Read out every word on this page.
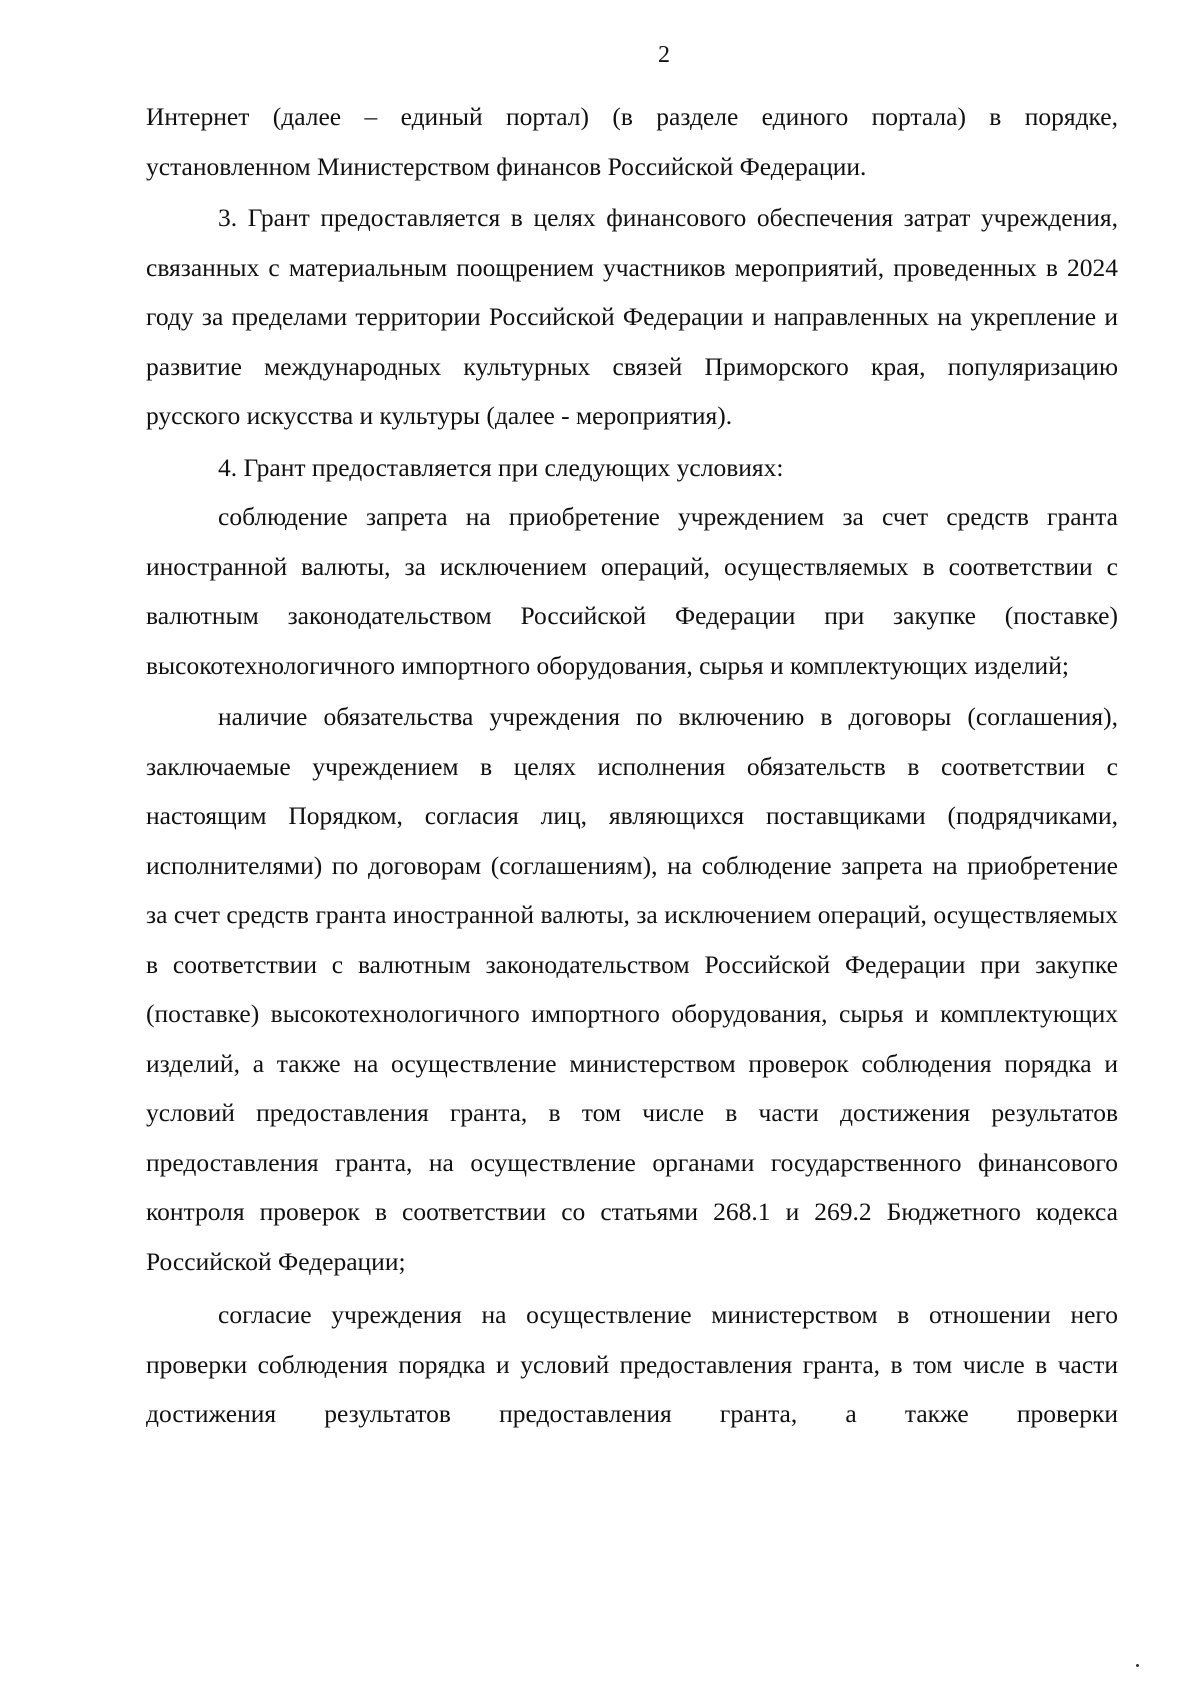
2

Интернет (далее – единый портал) (в разделе единого портала) в порядке, установленном Министерством финансов Российской Федерации.

3. Грант предоставляется в целях финансового обеспечения затрат учреждения, связанных с материальным поощрением участников мероприятий, проведенных в 2024 году за пределами территории Российской Федерации и направленных на укрепление и развитие международных культурных связей Приморского края, популяризацию русского искусства и культуры (далее - мероприятия).

4. Грант предоставляется при следующих условиях:

соблюдение запрета на приобретение учреждением за счет средств гранта иностранной валюты, за исключением операций, осуществляемых в соответствии с валютным законодательством Российской Федерации при закупке (поставке) высокотехнологичного импортного оборудования, сырья и комплектующих изделий;

наличие обязательства учреждения по включению в договоры (соглашения), заключаемые учреждением в целях исполнения обязательств в соответствии с настоящим Порядком, согласия лиц, являющихся поставщиками (подрядчиками, исполнителями) по договорам (соглашениям), на соблюдение запрета на приобретение за счет средств гранта иностранной валюты, за исключением операций, осуществляемых в соответствии с валютным законодательством Российской Федерации при закупке (поставке) высокотехнологичного импортного оборудования, сырья и комплектующих изделий, а также на осуществление министерством проверок соблюдения порядка и условий предоставления гранта, в том числе в части достижения результатов предоставления гранта, на осуществление органами государственного финансового контроля проверок в соответствии со статьями 268.1 и 269.2 Бюджетного кодекса Российской Федерации;

согласие учреждения на осуществление министерством в отношении него проверки соблюдения порядка и условий предоставления гранта, в том числе в части достижения результатов предоставления гранта, а также проверки
